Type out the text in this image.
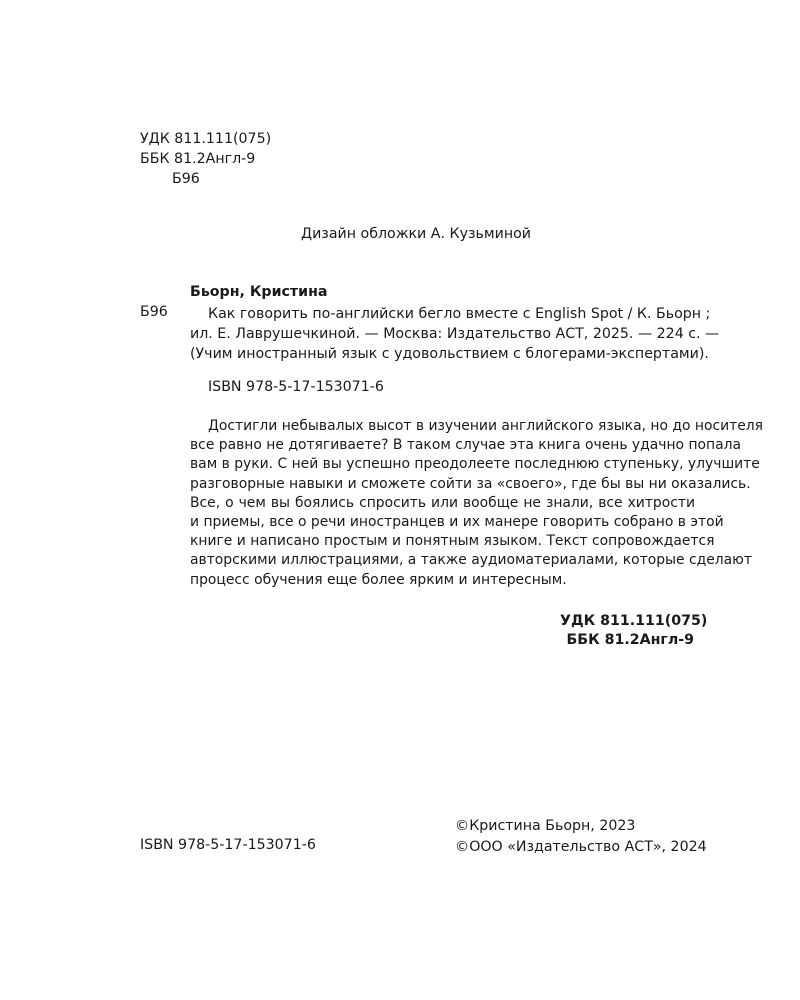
УДК 811.111(075)
ББК 81.2Англ-9
Б96
Дизайн обложки А. Кузьминой
Бьорн, Кристина
Б96	Как говорить по-английски бегло вместе с English Spot / К. Бьорн ;
ил. Е. Лаврушечкиной. — Москва: Издательство АСТ, 2025. — 224 с. —
(Учим иностранный язык с удовольствием с блогерами-экспертами).
ISBN 978-5-17-153071-6
Достигли небывалых высот в изучении английского языка, но до носителя
все равно не дотягиваете? В таком случае эта книга очень удачно попала
вам в руки. С ней вы успешно преодолеете последнюю ступеньку, улучшите
разговорные навыки и сможете сойти за «своего», где бы вы ни оказались.
Все, о чем вы боялись спросить или вообще не знали, все хитрости
и приемы, все о речи иностранцев и их манере говорить собрано в этой
книге и написано простым и понятным языком. Текст сопровождается
авторскими иллюстрациями, а также аудиоматериалами, которые сделают
процесс обучения еще более ярким и интересным.
УДК 811.111(075)
ББК 81.2Англ-9
©Кристина Бьорн, 2023
©ООО «Издательство АСТ», 2024
ISBN 978-5-17-153071-6
